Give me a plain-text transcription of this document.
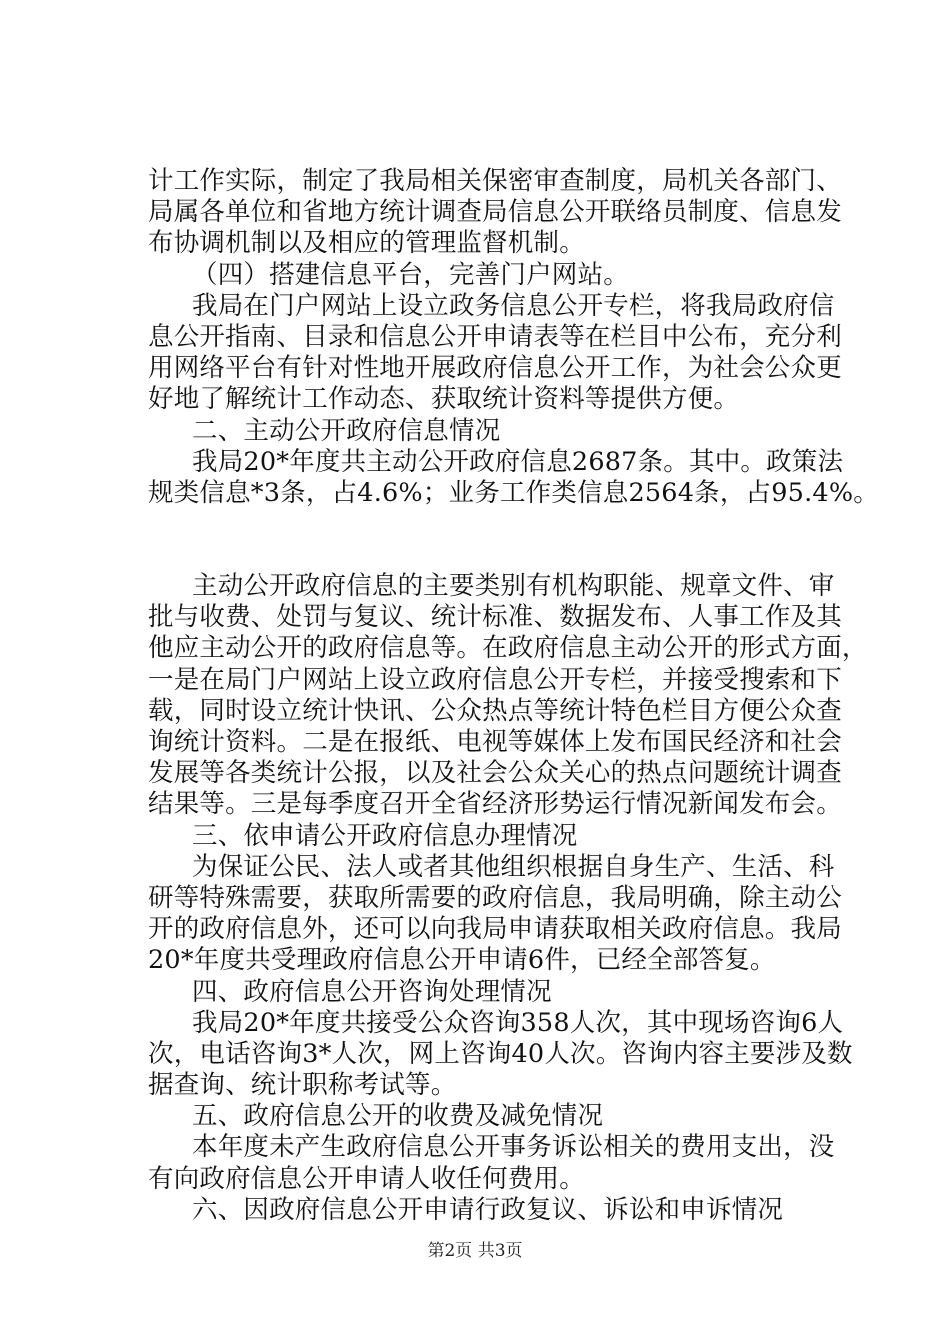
计工作实际，制定了我局相关保密审查制度，局机关各部门、
局属各单位和省地方统计调查局信息公开联络员制度、信息发
布协调机制以及相应的管理监督机制。
（四）搭建信息平台，完善门户网站。
我局在门户网站上设立政务信息公开专栏，将我局政府信
息公开指南、目录和信息公开申请表等在栏目中公布，充分利
用网络平台有针对性地开展政府信息公开工作，为社会公众更
好地了解统计工作动态、获取统计资料等提供方便。
二、主动公开政府信息情况
我局20*年度共主动公开政府信息2687条。其中。政策法
规类信息*3条，占4.6%；业务工作类信息2564条，占95.4%。
主动公开政府信息的主要类别有机构职能、规章文件、审
批与收费、处罚与复议、统计标准、数据发布、人事工作及其
他应主动公开的政府信息等。在政府信息主动公开的形式方面，
一是在局门户网站上设立政府信息公开专栏，并接受搜索和下
载，同时设立统计快讯、公众热点等统计特色栏目方便公众查
询统计资料。二是在报纸、电视等媒体上发布国民经济和社会
发展等各类统计公报，以及社会公众关心的热点问题统计调查
结果等。三是每季度召开全省经济形势运行情况新闻发布会。
三、依申请公开政府信息办理情况
为保证公民、法人或者其他组织根据自身生产、生活、科
研等特殊需要，获取所需要的政府信息，我局明确，除主动公
开的政府信息外，还可以向我局申请获取相关政府信息。我局
20*年度共受理政府信息公开申请6件，已经全部答复。
四、政府信息公开咨询处理情况
我局20*年度共接受公众咨询358人次，其中现场咨询6人
次，电话咨询3*人次，网上咨询40人次。咨询内容主要涉及数
据查询、统计职称考试等。
五、政府信息公开的收费及减免情况
本年度未产生政府信息公开事务诉讼相关的费用支出，没
有向政府信息公开申请人收任何费用。
六、因政府信息公开申请行政复议、诉讼和申诉情况
第2页 共3页
